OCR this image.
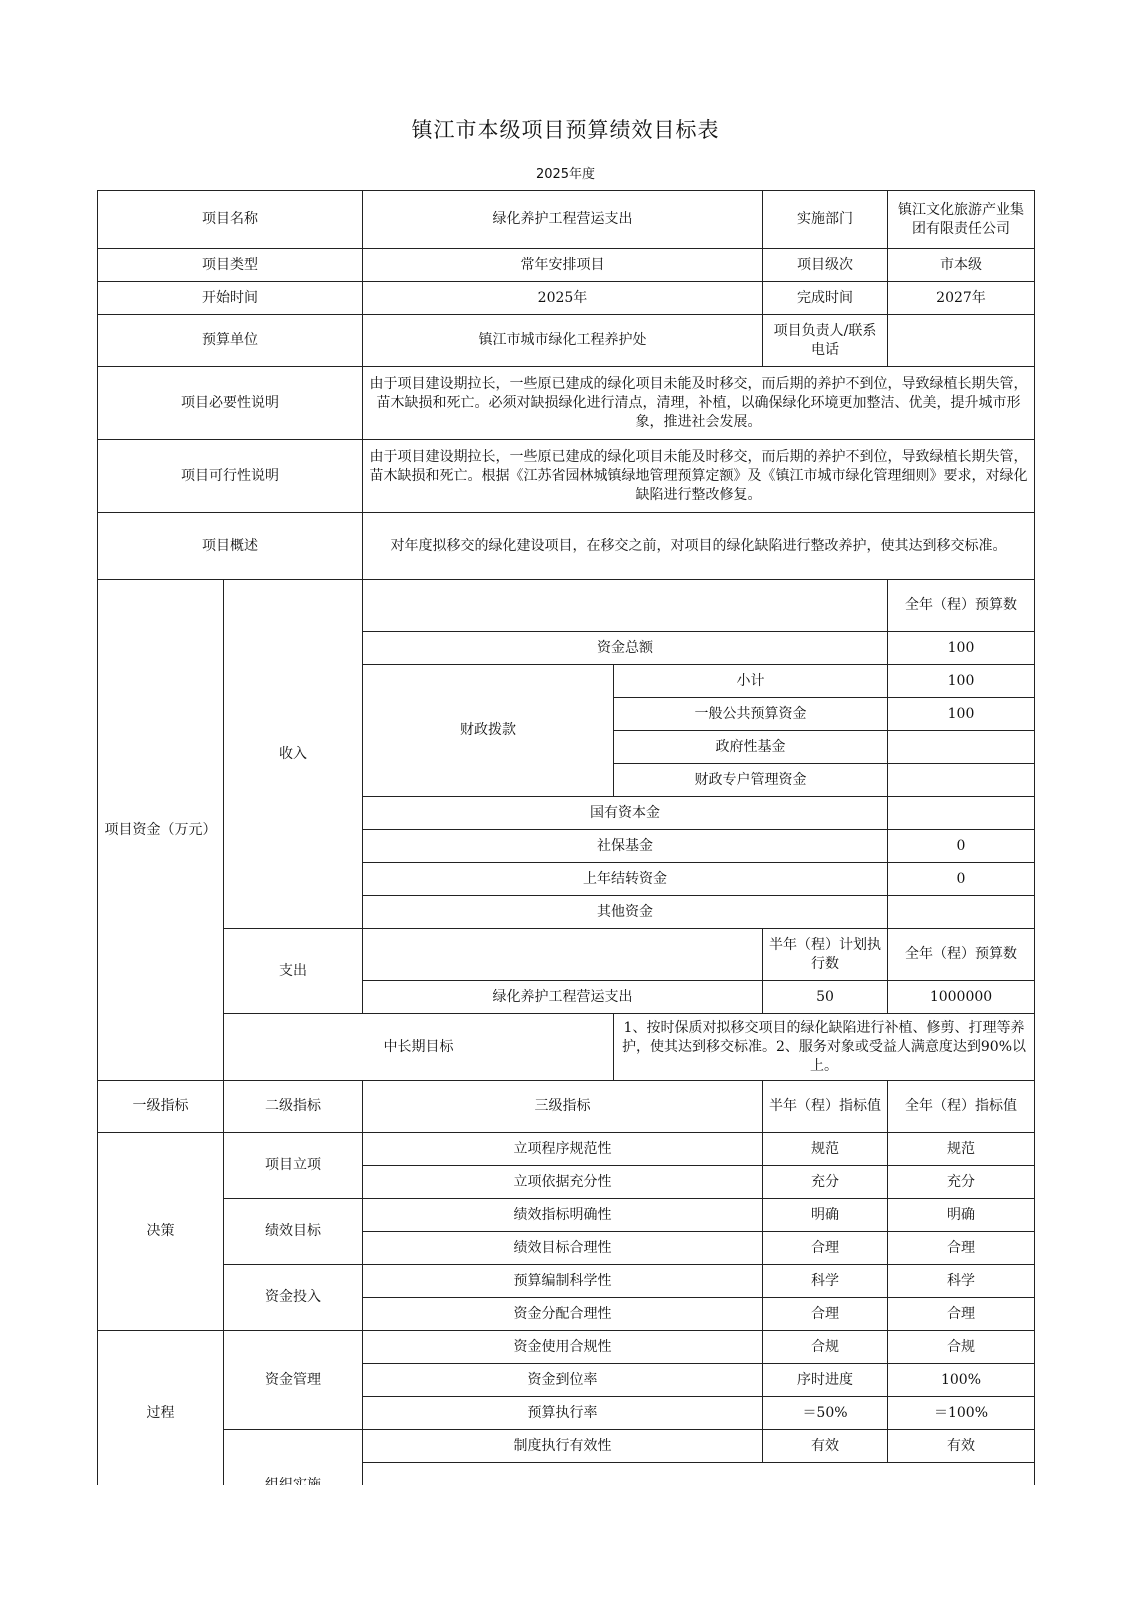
镇江市本级项目预算绩效目标表
2025年度
项目名称		绿化养护工程营运支出		实施部门	镇江文化旅游产业集团有限责任公司
项目类型		常年安排项目		项目级次	市本级
开始时间		2025年		完成时间	2027年
预算单位		镇江市城市绿化工程养护处		项目负责人/联系电话	
项目必要性说明		由于项目建设期拉长，一些原已建成的绿化项目未能及时移交，而后期的养护不到位，导致绿植长期失管，苗木缺损和死亡。必须对缺损绿化进行清点，清理，补植，以确保绿化环境更加整洁、优美，提升城市形象，推进社会发展。			
项目可行性说明		由于项目建设期拉长，一些原已建成的绿化项目未能及时移交，而后期的养护不到位，导致绿植长期失管，苗木缺损和死亡。根据《江苏省园林城镇绿地管理预算定额》及《镇江市城市绿化管理细则》要求，对绿化缺陷进行整改修复。			
项目概述		对年度拟移交的绿化建设项目，在移交之前，对项目的绿化缺陷进行整改养护，使其达到移交标准。			
项目资金（万元）	收入				全年（程）预算数
		资金总额			100
		财政拨款	小计		100
			一般公共预算资金		100
			政府性基金		
			财政专户管理资金		
		国有资本金			
		社保基金			0
		上年结转资金			0
		其他资金			
	支出			半年（程）计划执行数	全年（程）预算数
		绿化养护工程营运支出		50	1000000
	中长期目标		1、按时保质对拟移交项目的绿化缺陷进行补植、修剪、打理等养护，使其达到移交标准。2、服务对象或受益人满意度达到90%以上。		
一级指标	二级指标	三级指标		半年（程）指标值	全年（程）指标值
决策	项目立项	立项程序规范性		规范	规范
		立项依据充分性		充分	充分
	绩效目标	绩效指标明确性		明确	明确
		绩效目标合理性		合理	合理
	资金投入	预算编制科学性		科学	科学
		资金分配合理性		合理	合理
过程	资金管理	资金使用合规性		合规	合规
		资金到位率		序时进度	100%
		预算执行率		＝50%	＝100%
	制度执行有效性		有效	有效
